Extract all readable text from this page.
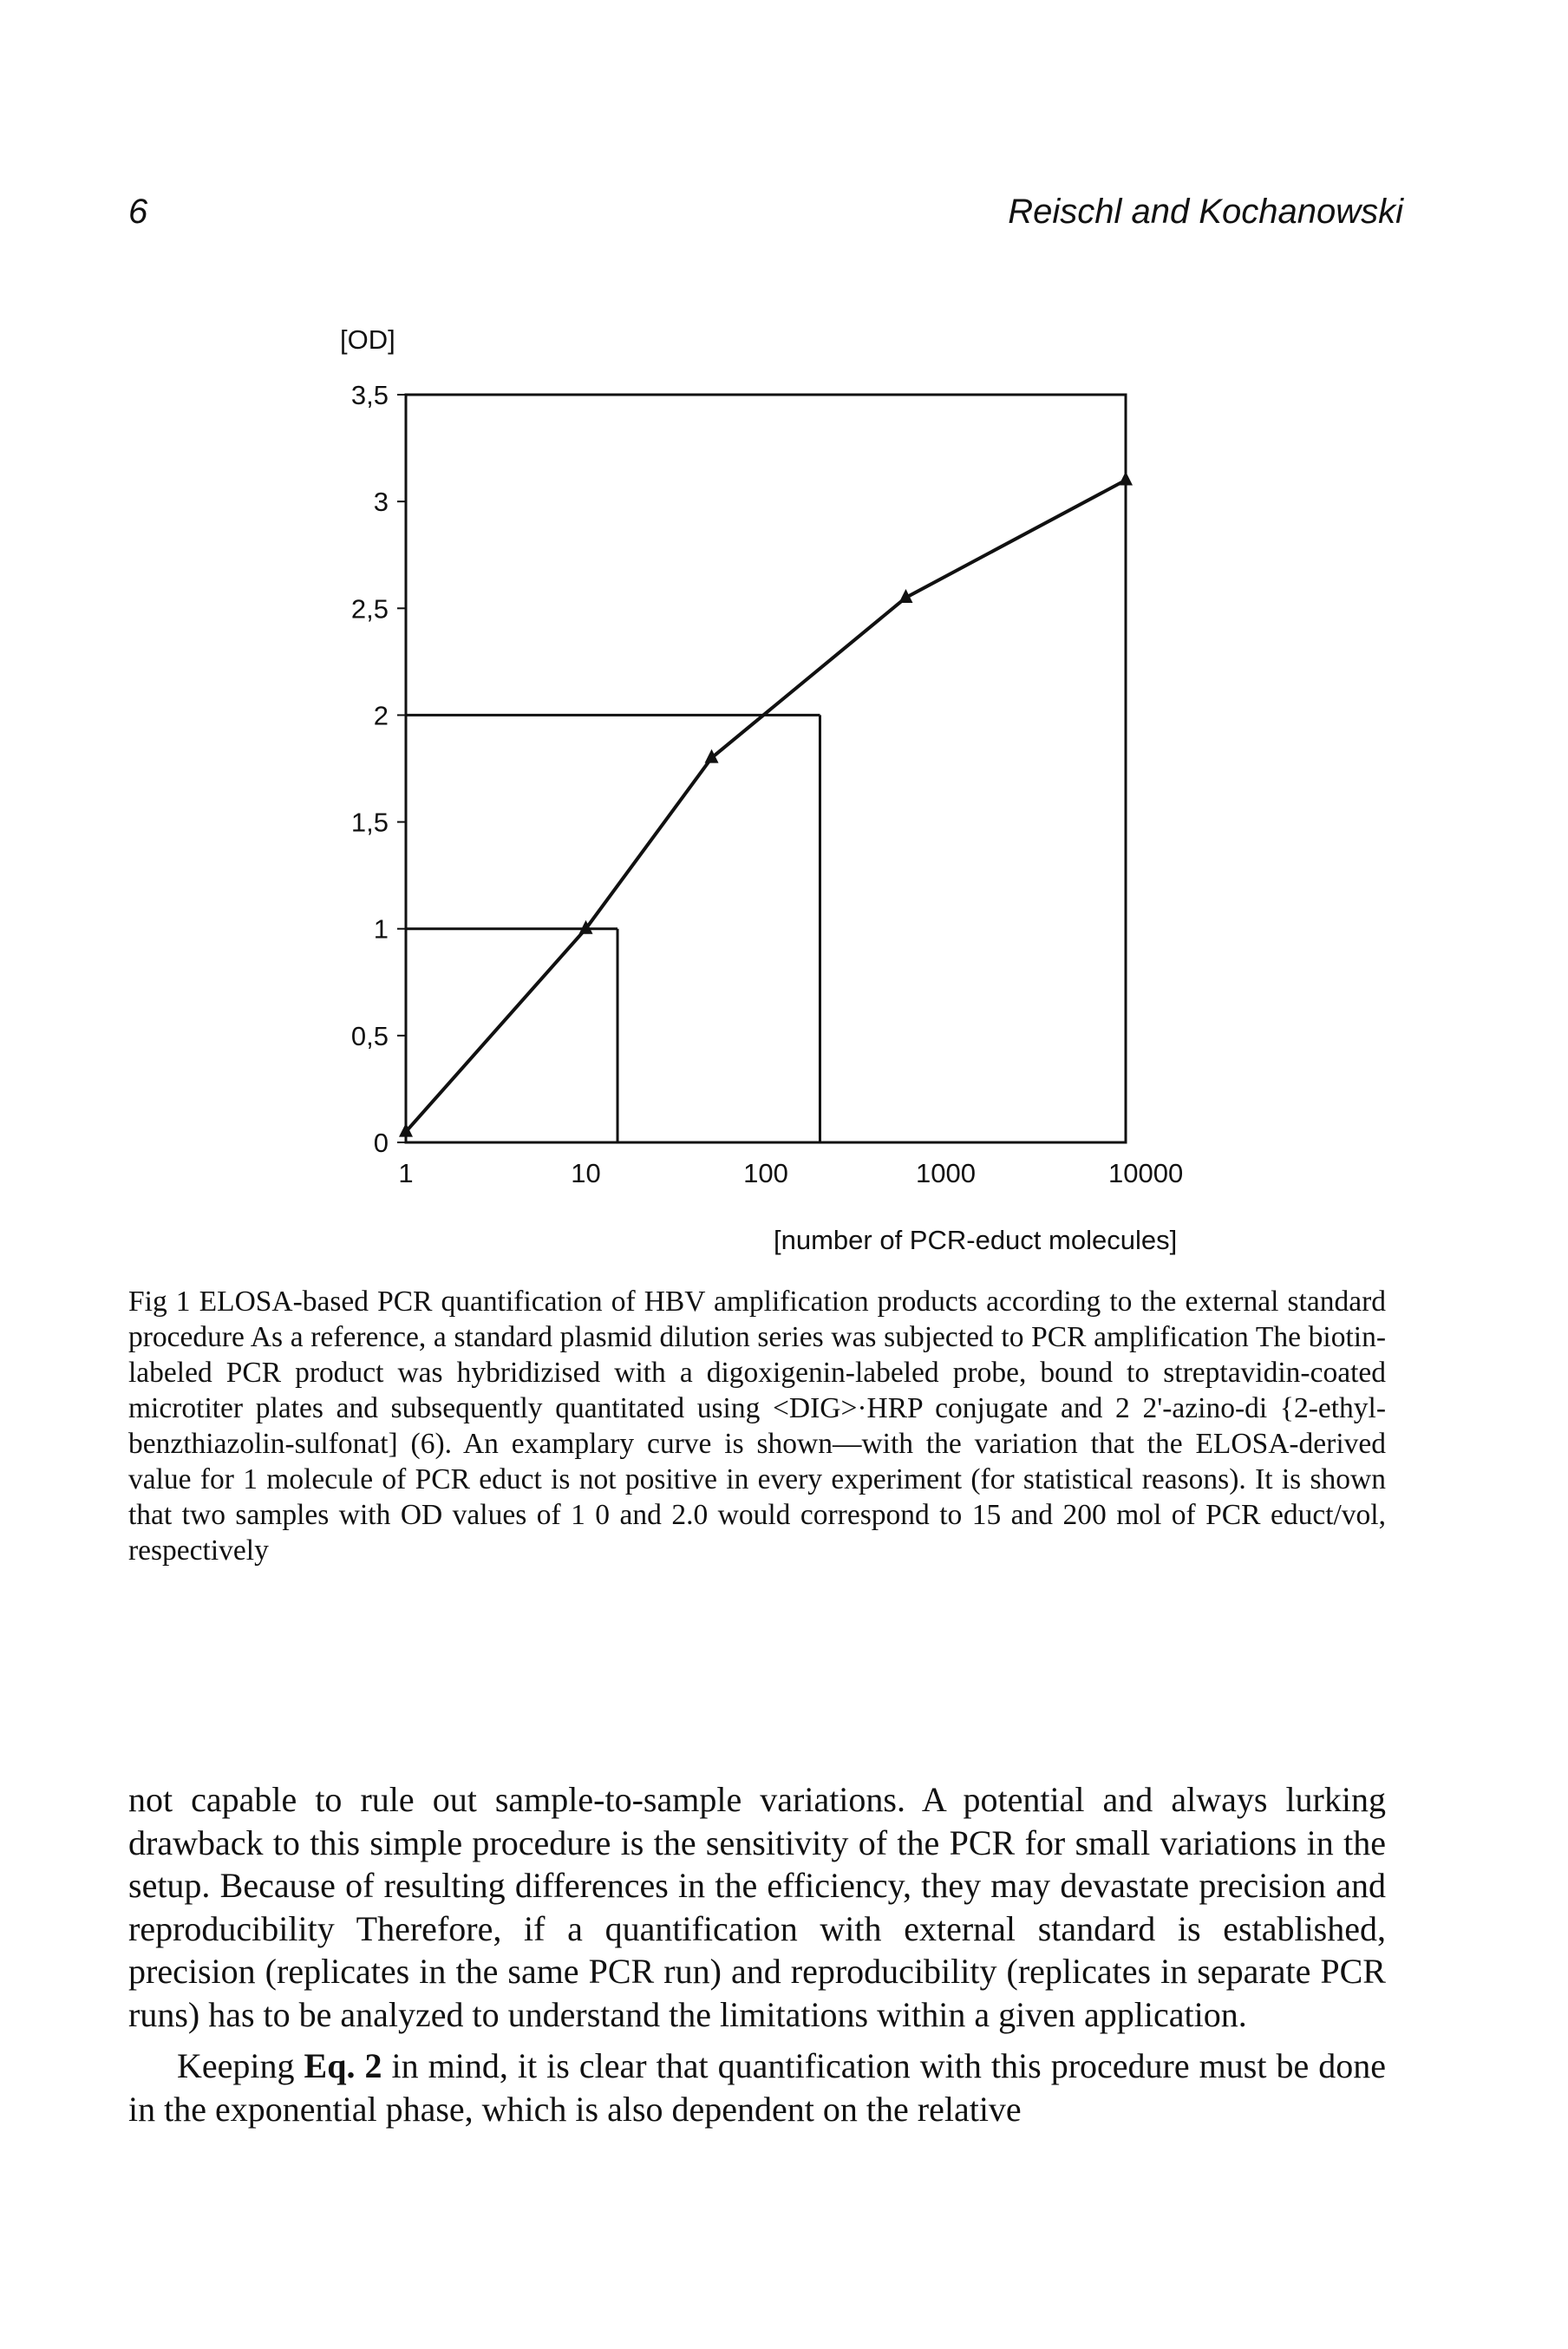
6	Reischl and Kochanowski
[OD]
0
0,5
1
1,5
2
2,5
3
3,5
1	10	100	1000	10000
[number of PCR-educt molecules]

Fig 1 ELOSA-based PCR quantification of HBV amplification products according to the external standard procedure As a reference, a standard plasmid dilution series was subjected to PCR amplification The biotin-labeled PCR product was hybridizised with a digoxigenin-labeled probe, bound to streptavidin-coated microtiter plates and subsequently quantitated using <DIG>·HRP conjugate and 2 2'-azino-di {2-ethyl-benzthiazolin-sulfonat] (6). An examplary curve is shown—with the variation that the ELOSA-derived value for 1 molecule of PCR educt is not positive in every experiment (for statistical reasons). It is shown that two samples with OD values of 1 0 and 2.0 would correspond to 15 and 200 mol of PCR educt/vol, respectively

not capable to rule out sample-to-sample variations. A potential and always lurking drawback to this simple procedure is the sensitivity of the PCR for small variations in the setup. Because of resulting differences in the efficiency, they may devastate precision and reproducibility Therefore, if a quantification with external standard is established, precision (replicates in the same PCR run) and reproducibility (replicates in separate PCR runs) has to be analyzed to understand the limitations within a given application.

Keeping Eq. 2 in mind, it is clear that quantification with this procedure must be done in the exponential phase, which is also dependent on the relative
